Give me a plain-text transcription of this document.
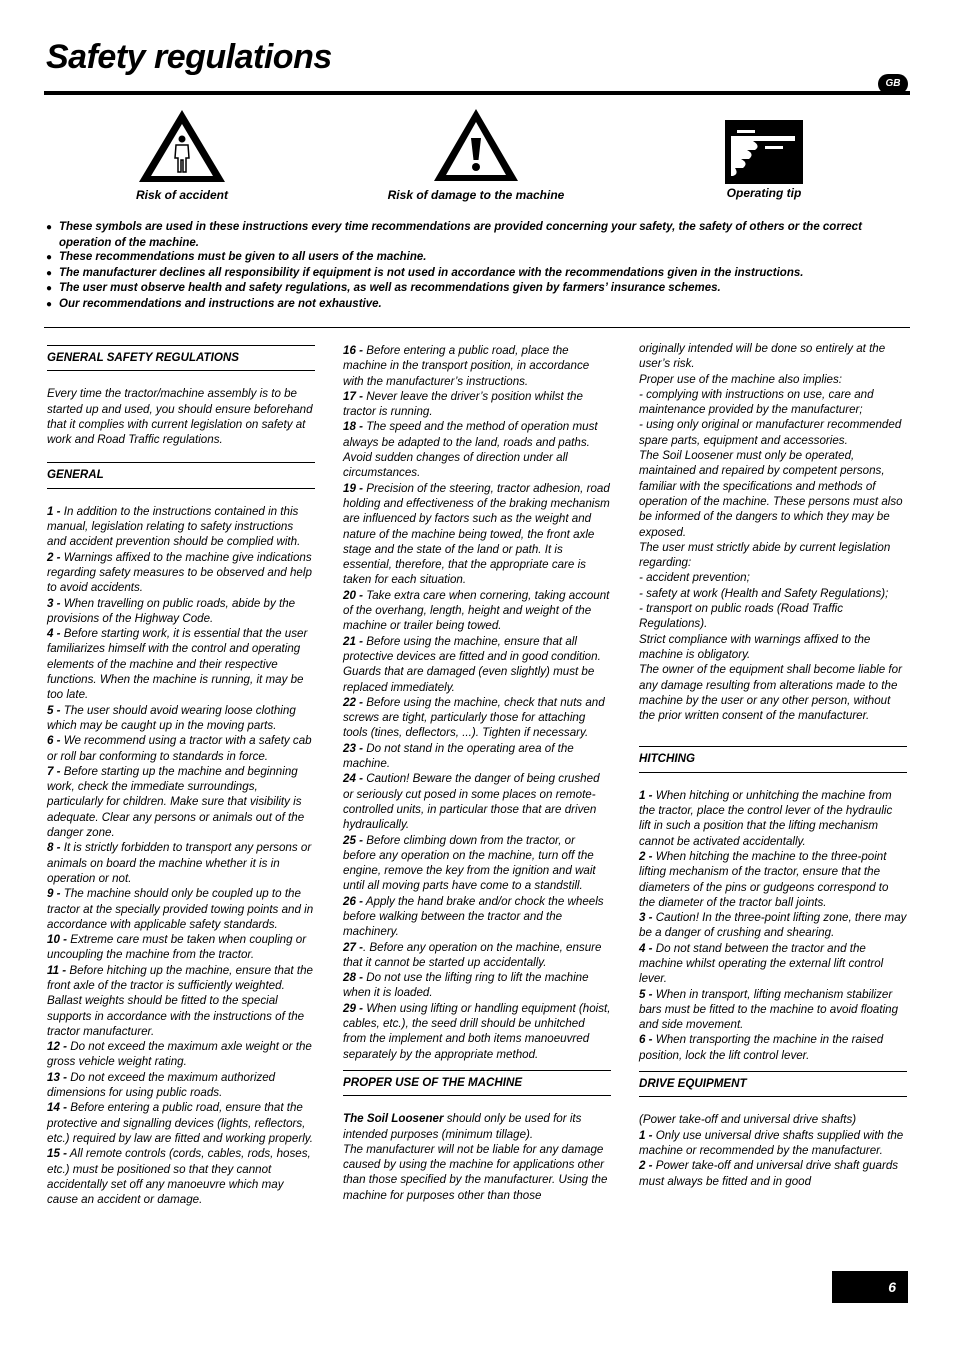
Safety regulations
GB
Risk of accident	Risk of damage to the machine	Operating tip
● These symbols are used in these instructions every time recommendations are provided concerning your safety, the safety of others or the correct operation of the machine.
● These recommendations must be given to all users of the machine.
● The manufacturer declines all responsibility if equipment is not used in accordance with the recommendations given in the instructions.
● The user must observe health and safety regulations, as well as recommendations given by farmers’ insurance schemes.
● Our recommendations and instructions are not exhaustive.
GENERAL SAFETY REGULATIONS

Every time the tractor/machine assembly is to be started up and used, you should ensure beforehand that it complies with current legislation on safety at work and Road Traffic regulations.

GENERAL

1 - In addition to the instructions contained in this manual, legislation relating to safety instructions and accident prevention should be complied with.

2 - Warnings affixed to the machine give indications regarding safety measures to be observed and help to avoid accidents.

3 - When travelling on public roads, abide by the provisions of the Highway Code.

4 - Before starting work, it is essential that the user familiarizes himself with the control and operating elements of the machine and their respective functions. When the machine is running, it may be too late.

5 - The user should avoid wearing loose clothing which may be caught up in the moving parts.

6 - We recommend using a tractor with a safety cab or roll bar conforming to standards in force.

7 - Before starting up the machine and beginning work, check the immediate surroundings, particularly for children. Make sure that visibility is adequate. Clear any persons or animals out of the danger zone.

8 - It is strictly forbidden to transport any persons or animals on board the machine whether it is in operation or not.

9 - The machine should only be coupled up to the tractor at the specially provided towing points and in accordance with applicable safety standards.

10 - Extreme care must be taken when coupling or uncoupling the machine from the tractor.

11 - Before hitching up the machine, ensure that the front axle of the tractor is sufficiently weighted. Ballast weights should be fitted to the special supports in accordance with the instructions of the tractor manufacturer.

12 - Do not exceed the maximum axle weight or the gross vehicle weight rating.

13 - Do not exceed the maximum authorized dimensions for using public roads.

14 - Before entering a public road, ensure that the protective and signalling devices (lights, reflectors, etc.) required by law are fitted and working properly.

15 - All remote controls (cords, cables, rods, hoses, etc.) must be positioned so that they cannot accidentally set off any manoeuvre which may cause an accident or damage.

16 - Before entering a public road, place the machine in the transport position, in accordance with the manufacturer’s instructions.

17 - Never leave the driver’s position whilst the tractor is running.

18 - The speed and the method of operation must always be adapted to the land, roads and paths. Avoid sudden changes of direction under all circumstances.

19 - Precision of the steering, tractor adhesion, road holding and effectiveness of the braking mechanism are influenced by factors such as the weight and nature of the machine being towed, the front axle stage and the state of the land or path. It is essential, therefore, that the appropriate care is taken for each situation.

20 - Take extra care when cornering, taking account of the overhang, length, height and weight of the machine or trailer being towed.

21 - Before using the machine, ensure that all protective devices are fitted and in good condition. Guards that are damaged (even slightly) must be replaced immediately.

22 - Before using the machine, check that nuts and screws are tight, particularly those for attaching tools (tines, deflectors, ...). Tighten if necessary.

23 - Do not stand in the operating area of the machine.

24 - Caution! Beware the danger of being crushed or seriously cut posed in some places on remote-controlled units, in particular those that are driven hydraulically.

25 - Before climbing down from the tractor, or before any operation on the machine, turn off the engine, remove the key from the ignition and wait until all moving parts have come to a standstill.

26 - Apply the hand brake and/or chock the wheels before walking between the tractor and the machinery.

27 -. Before any operation on the machine, ensure that it cannot be started up accidentally.

28 - Do not use the lifting ring to lift the machine when it is loaded.

29 - When using lifting or handling equipment (hoist, cables, etc.), the seed drill should be unhitched from the implement and both items manoeuvred separately by the appropriate method.

PROPER USE OF THE MACHINE

The Soil Loosener should only be used for its intended purposes (minimum tillage).

The manufacturer will not be liable for any damage caused by using the machine for applications other than those specified by the manufacturer. Using the machine for purposes other than those

originally intended will be done so entirely at the user’s risk.

Proper use of the machine also implies:

- complying with instructions on use, care and maintenance provided by the manufacturer;

- using only original or manufacturer recommended spare parts, equipment and accessories.

The Soil Loosener must only be operated, maintained and repaired by competent persons, familiar with the specifications and methods of operation of the machine. These persons must also be informed of the dangers to which they may be exposed.

The user must strictly abide by current legislation regarding:

- accident prevention;

- safety at work (Health and Safety Regulations);

- transport on public roads (Road Traffic Regulations).

Strict compliance with warnings affixed to the machine is obligatory.

The owner of the equipment shall become liable for any damage resulting from alterations made to the machine by the user or any other person, without the prior written consent of the manufacturer.

HITCHING

1 - When hitching or unhitching the machine from the tractor, place the control lever of the hydraulic lift in such a position that the lifting mechanism cannot be activated accidentally.

2 - When hitching the machine to the three-point lifting mechanism of the tractor, ensure that the diameters of the pins or gudgeons correspond to the diameter of the tractor ball joints.

3 - Caution! In the three-point lifting zone, there may be a danger of crushing and shearing.

4 - Do not stand between the tractor and the machine whilst operating the external lift control lever.

5 - When in transport, lifting mechanism stabilizer bars must be fitted to the machine to avoid floating and side movement.

6 - When transporting the machine in the raised position, lock the lift control lever.

DRIVE EQUIPMENT

(Power take-off and universal drive shafts)

1 - Only use universal drive shafts supplied with the machine or recommended by the manufacturer.

2 - Power take-off and universal drive shaft guards must always be fitted and in good

6
